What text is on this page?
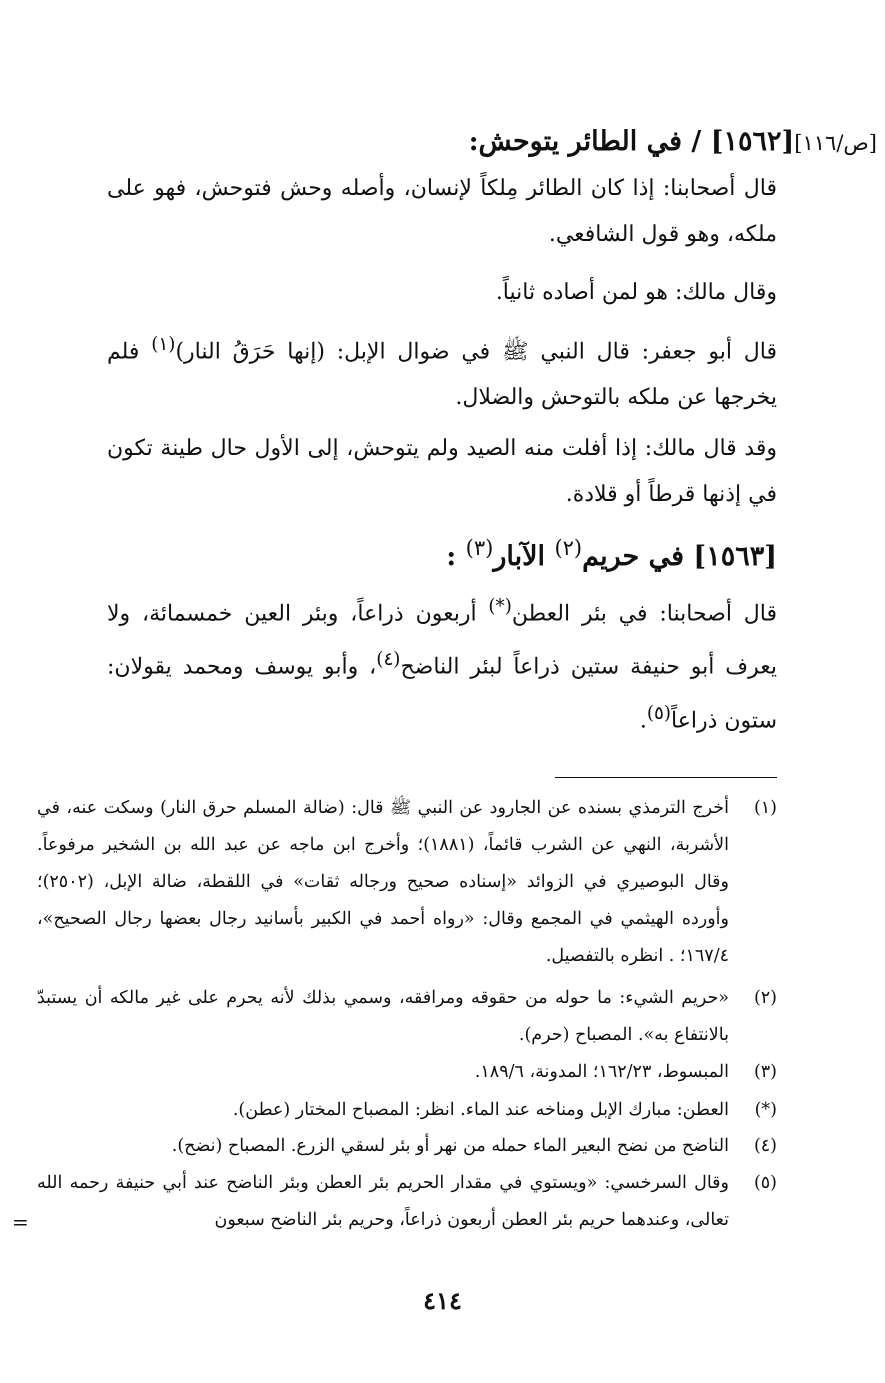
[ص/١١٦][١٥٦٢] / في الطائر يتوحش:
قال أصحابنا: إذا كان الطائر مِلكاً لإنسان، وأصله وحش فتوحش، فهو على ملكه، وهو قول الشافعي.
وقال مالك: هو لمن أصاده ثانياً.
قال أبو جعفر: قال النبي ﷺ في ضوال الإبل: (إنها حَرَقُ النار)$^{(١)}$ فلم يخرجها عن ملكه بالتوحش والضلال.
وقد قال مالك: إذا أفلت منه الصيد ولم يتوحش، إلى الأول حال طينة تكون في إذنها قرطاً أو قلادة.
[١٥٦٣] في حريم$^{(٢)}$ الآبار$^{(٣)}$ :
قال أصحابنا: في بئر العطن(*) أربعون ذراعاً، وبئر العين خمسمائة، ولا يعرف أبو حنيفة ستين ذراعاً لبئر الناضح$^{(٤)}$، وأبو يوسف ومحمد يقولان: ستون ذراعاً$^{(٥)}$.
(١)
أخرج الترمذي بسنده عن الجارود عن النبي ﷺ قال: (ضالة المسلم حرق النار) وسكت عنه، في الأشربة، النهي عن الشرب قائماً، (١٨٨١)؛ وأخرج ابن ماجه عن عبد الله بن الشخير مرفوعاً. وقال البوصيري في الزوائد «إسناده صحيح ورجاله ثقات» في اللقطة، ضالة الإبل، (٢٥٠٢)؛ وأورده الهيثمي في المجمع وقال: «رواه أحمد في الكبير بأسانيد رجال بعضها رجال الصحيح»، ١٦٧/٤؛ . انظره بالتفصيل.
(٢)
«حريم الشيء: ما حوله من حقوقه ومرافقه، وسمي بذلك لأنه يحرم على غير مالكه أن يستبدّ بالانتفاع به». المصباح (حرم).
(٣)
المبسوط، ١٦٢/٢٣؛ المدونة، ١٨٩/٦.
(*)
العطن: مبارك الإبل ومناخه عند الماء. انظر: المصباح المختار (عطن).
(٤)
الناضح من نضح البعير الماء حمله من نهر أو بئر لسقي الزرع. المصباح (نضح).
(٥)
وقال السرخسي: «ويستوي في مقدار الحريم بئر العطن وبئر الناضح عند أبي حنيفة رحمه الله تعالى، وعندهما حريم بئر العطن أربعون ذراعاً، وحريم بئر الناضح سبعون
=
٤١٤
